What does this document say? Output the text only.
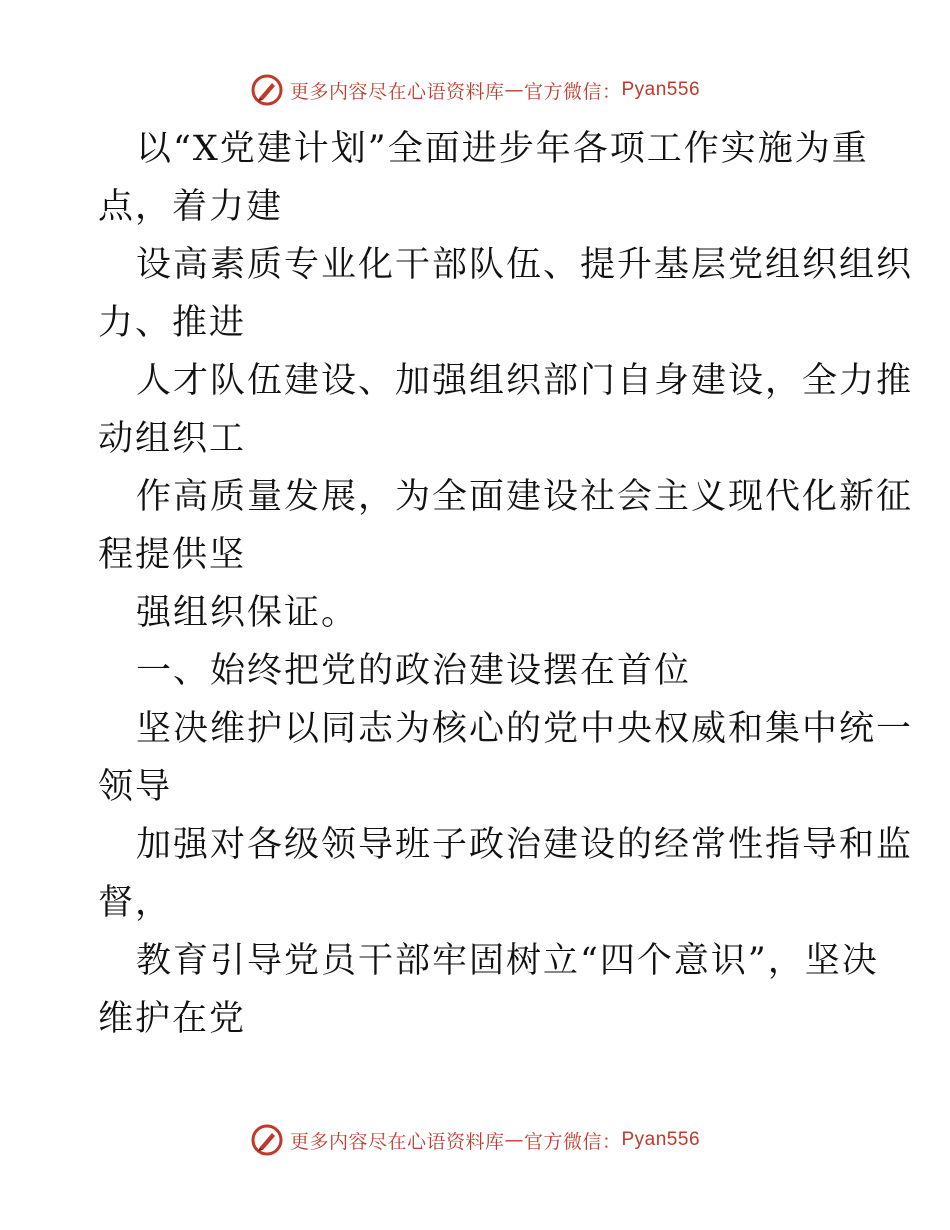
更多内容尽在心语资料库 — 官方微信： Pyan556
以“X党建计划”全面进步年各项工作实施为重
点，着力建
设高素质专业化干部队伍、提升基层党组织组织
力、推进
人才队伍建设、加强组织部门自身建设，全力推
动组织工
作高质量发展，为全面建设社会主义现代化新征
程提供坚
强组织保证。
一、始终把党的政治建设摆在首位
坚决维护以同志为核心的党中央权威和集中统一
领导
加强对各级领导班子政治建设的经常性指导和监
督，
教育引导党员干部牢固树立“四个意识”，坚决
维护在党
更多内容尽在心语资料库 — 官方微信： Pyan556
